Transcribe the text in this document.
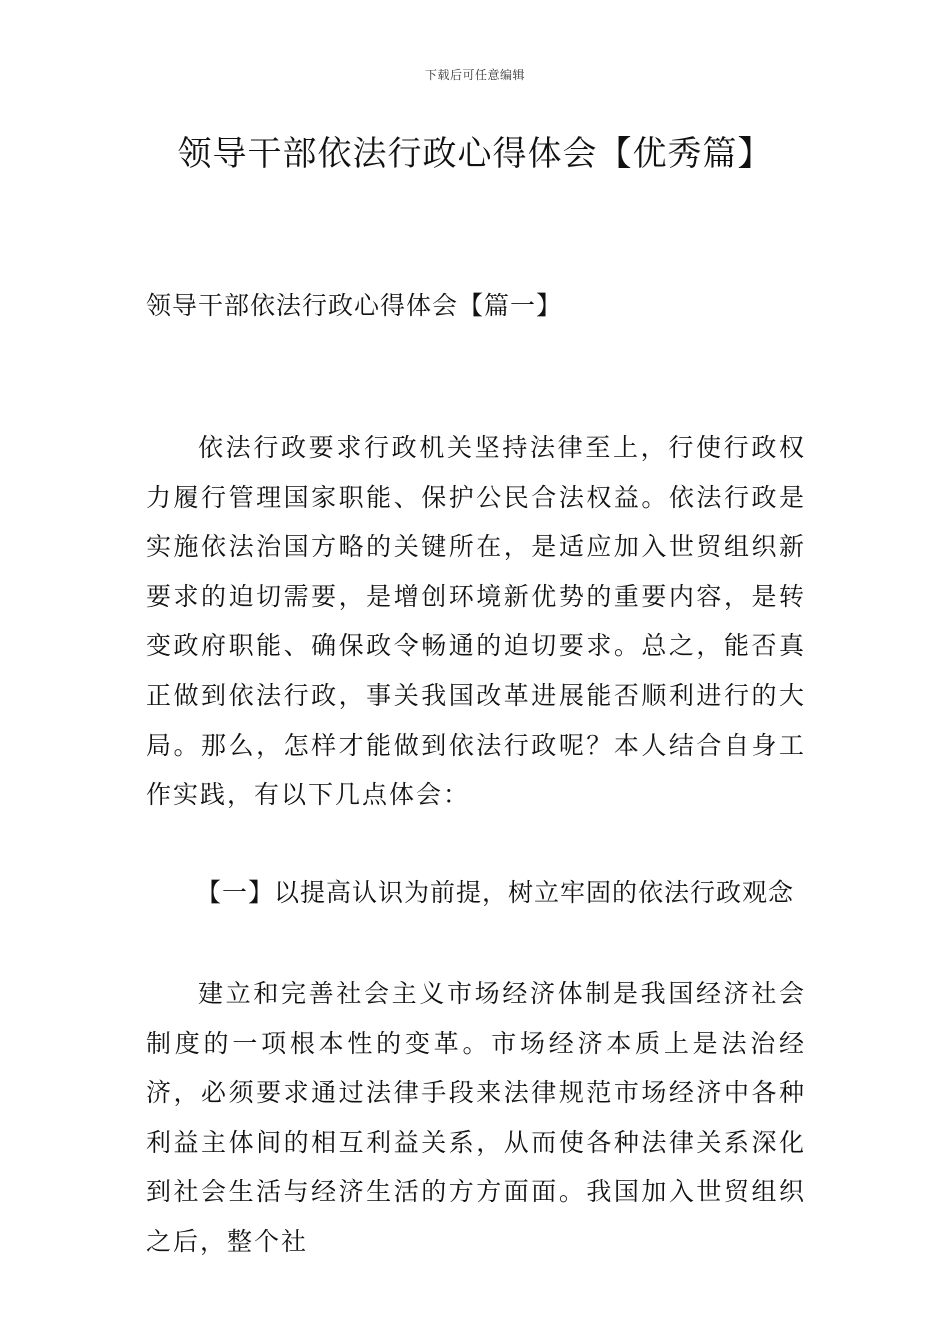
下载后可任意编辑
领导干部依法行政心得体会【优秀篇】
领导干部依法行政心得体会【篇一】

依法行政要求行政机关坚持法律至上，行使行政权力履行管理国家职能、保护公民合法权益。依法行政是实施依法治国方略的关键所在，是适应加入世贸组织新要求的迫切需要，是增创环境新优势的重要内容，是转变政府职能、确保政令畅通的迫切要求。总之，能否真正做到依法行政，事关我国改革进展能否顺利进行的大局。那么，怎样才能做到依法行政呢？本人结合自身工作实践，有以下几点体会：

【一】以提高认识为前提，树立牢固的依法行政观念

建立和完善社会主义市场经济体制是我国经济社会制度的一项根本性的变革。市场经济本质上是法治经济，必须要求通过法律手段来法律规范市场经济中各种利益主体间的相互利益关系，从而使各种法律关系深化到社会生活与经济生活的方方面面。我国加入世贸组织之后，整个社
